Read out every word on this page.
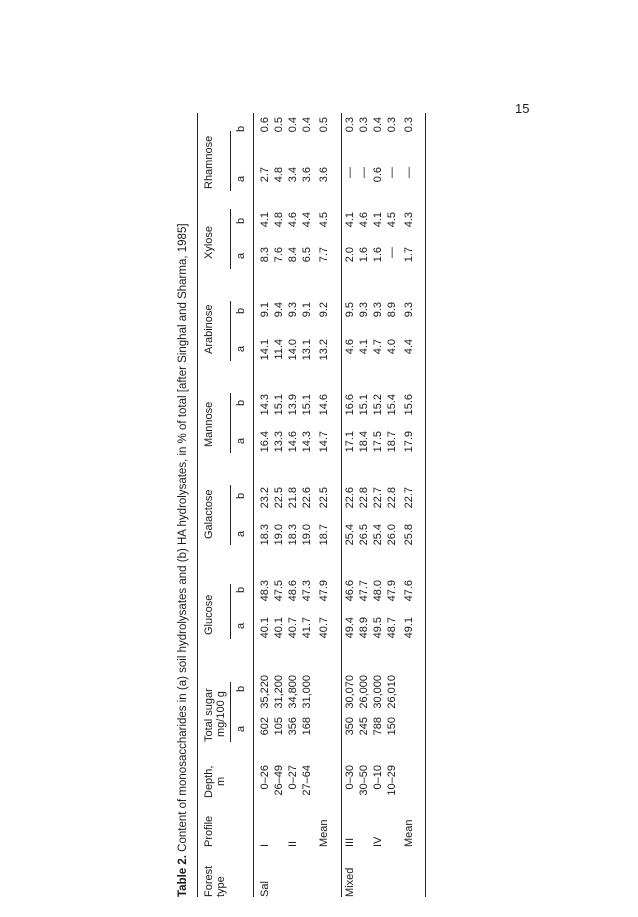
15
Table 2. Content of monosaccharides in (a) soil hydrolysates and (b) HA hydrolysates, in % of total [after Singhal and Sharma, 1985]
Forest type
Profile
Depth, m
Total sugar mg/100 g
Glucose
Galactose
Mannose
Arabinose
Xylose
Rhamnose
a
b
a
b
a
b
a
b
a
b
a
b
a
b
Sal
I
0–26
602
35,220
40.1
48.3
18.3
23.2
16.4
14.3
14.1
9.1
8.3
4.1
2.7
0.6
26–49
105
31,200
40.1
47.5
19.0
22.5
13.3
15.1
11.4
9.4
7.6
4.8
4.8
0.5
II
0–27
356
34,800
40.7
48.6
18.3
21.8
14.6
13.9
14.0
9.3
8.4
4.6
3.4
0.4
27–64
168
31,000
41.7
47.3
19.0
22.6
14.3
15.1
13.1
9.1
6.5
4.4
3.6
0.4
Mean
40.7
47.9
18.7
22.5
14.7
14.6
13.2
9.2
7.7
4.5
3.6
0.5
Mixed
III
0–30
350
30,070
49.4
46.6
25.4
22.6
17.1
16.6
4.6
9.5
2.0
4.1
—
0.3
30–50
245
26,000
48.9
47.7
26.5
22.8
18.4
15.1
4.1
9.3
1.6
4.6
—
0.3
IV
0–10
788
30,000
49.5
48.0
25.4
22.7
17.5
15.2
4.7
9.3
1.6
4.1
0.6
0.4
10–29
150
26,010
48.7
47.9
26.0
22.8
18.7
15.4
4.0
8.9
—
4.5
—
0.3
Mean
49.1
47.6
25.8
22.7
17.9
15.6
4.4
9.3
1.7
4.3
—
0.3
